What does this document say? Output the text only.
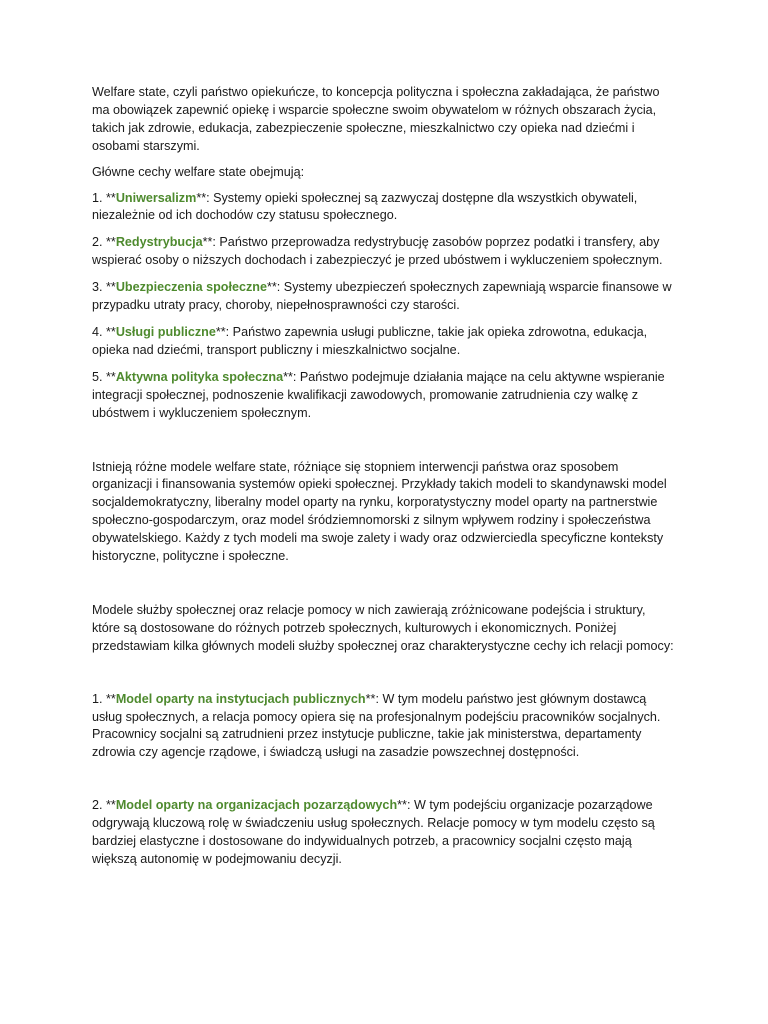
Welfare state, czyli państwo opiekuńcze, to koncepcja polityczna i społeczna zakładająca, że państwo ma obowiązek zapewnić opiekę i wsparcie społeczne swoim obywatelom w różnych obszarach życia, takich jak zdrowie, edukacja, zabezpieczenie społeczne, mieszkalnictwo czy opieka nad dziećmi i osobami starszymi.

Główne cechy welfare state obejmują:

1. **Uniwersalizm**: Systemy opieki społecznej są zazwyczaj dostępne dla wszystkich obywateli, niezależnie od ich dochodów czy statusu społecznego.

2. **Redystrybucja**: Państwo przeprowadza redystrybucję zasobów poprzez podatki i transfery, aby wspierać osoby o niższych dochodach i zabezpieczyć je przed ubóstwem i wykluczeniem społecznym.

3. **Ubezpieczenia społeczne**: Systemy ubezpieczeń społecznych zapewniają wsparcie finansowe w przypadku utraty pracy, choroby, niepełnosprawności czy starości.

4. **Usługi publiczne**: Państwo zapewnia usługi publiczne, takie jak opieka zdrowotna, edukacja, opieka nad dziećmi, transport publiczny i mieszkalnictwo socjalne.

5. **Aktywna polityka społeczna**: Państwo podejmuje działania mające na celu aktywne wspieranie integracji społecznej, podnoszenie kwalifikacji zawodowych, promowanie zatrudnienia czy walkę z ubóstwem i wykluczeniem społecznym.

Istnieją różne modele welfare state, różniące się stopniem interwencji państwa oraz sposobem organizacji i finansowania systemów opieki społecznej. Przykłady takich modeli to skandynawski model socjaldemokratyczny, liberalny model oparty na rynku, korporatystyczny model oparty na partnerstwie społeczno-gospodarczym, oraz model śródziemnomorski z silnym wpływem rodziny i społeczeństwa obywatelskiego. Każdy z tych modeli ma swoje zalety i wady oraz odzwierciedla specyficzne konteksty historyczne, polityczne i społeczne.

Modele służby społecznej oraz relacje pomocy w nich zawierają zróżnicowane podejścia i struktury, które są dostosowane do różnych potrzeb społecznych, kulturowych i ekonomicznych. Poniżej przedstawiam kilka głównych modeli służby społecznej oraz charakterystyczne cechy ich relacji pomocy:

1. **Model oparty na instytucjach publicznych**: W tym modelu państwo jest głównym dostawcą usług społecznych, a relacja pomocy opiera się na profesjonalnym podejściu pracowników socjalnych. Pracownicy socjalni są zatrudnieni przez instytucje publiczne, takie jak ministerstwa, departamenty zdrowia czy agencje rządowe, i świadczą usługi na zasadzie powszechnej dostępności.

2. **Model oparty na organizacjach pozarządowych**: W tym podejściu organizacje pozarządowe odgrywają kluczową rolę w świadczeniu usług społecznych. Relacje pomocy w tym modelu często są bardziej elastyczne i dostosowane do indywidualnych potrzeb, a pracownicy socjalni często mają większą autonomię w podejmowaniu decyzji.
